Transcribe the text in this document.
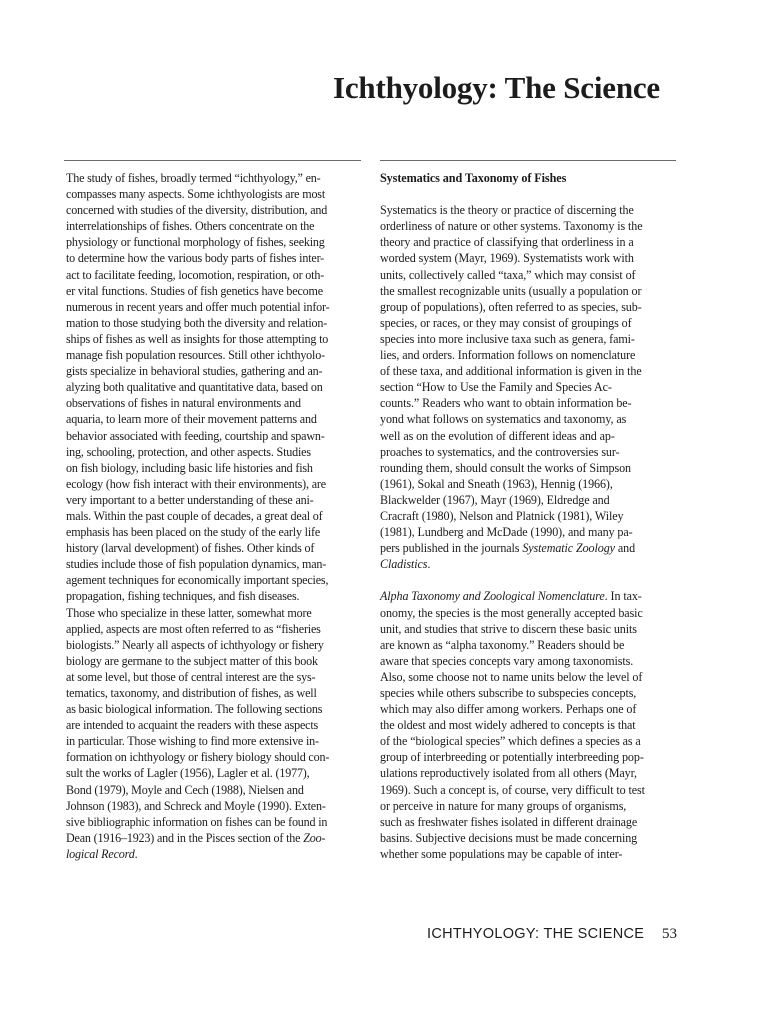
Ichthyology: The Science
The study of fishes, broadly termed “ichthyology,” en-
compasses many aspects. Some ichthyologists are most
concerned with studies of the diversity, distribution, and
interrelationships of fishes. Others concentrate on the
physiology or functional morphology of fishes, seeking
to determine how the various body parts of fishes inter-
act to facilitate feeding, locomotion, respiration, or oth-
er vital functions. Studies of fish genetics have become
numerous in recent years and offer much potential infor-
mation to those studying both the diversity and relation-
ships of fishes as well as insights for those attempting to
manage fish population resources. Still other ichthyolo-
gists specialize in behavioral studies, gathering and an-
alyzing both qualitative and quantitative data, based on
observations of fishes in natural environments and
aquaria, to learn more of their movement patterns and
behavior associated with feeding, courtship and spawn-
ing, schooling, protection, and other aspects. Studies
on fish biology, including basic life histories and fish
ecology (how fish interact with their environments), are
very important to a better understanding of these ani-
mals. Within the past couple of decades, a great deal of
emphasis has been placed on the study of the early life
history (larval development) of fishes. Other kinds of
studies include those of fish population dynamics, man-
agement techniques for economically important species,
propagation, fishing techniques, and fish diseases.
Those who specialize in these latter, somewhat more
applied, aspects are most often referred to as “fisheries
biologists.” Nearly all aspects of ichthyology or fishery
biology are germane to the subject matter of this book
at some level, but those of central interest are the sys-
tematics, taxonomy, and distribution of fishes, as well
as basic biological information. The following sections
are intended to acquaint the readers with these aspects
in particular. Those wishing to find more extensive in-
formation on ichthyology or fishery biology should con-
sult the works of Lagler (1956), Lagler et al. (1977),
Bond (1979), Moyle and Cech (1988), Nielsen and
Johnson (1983), and Schreck and Moyle (1990). Exten-
sive bibliographic information on fishes can be found in
Dean (1916–1923) and in the Pisces section of the Zoo-
logical Record.
Systematics and Taxonomy of Fishes
Systematics is the theory or practice of discerning the
orderliness of nature or other systems. Taxonomy is the
theory and practice of classifying that orderliness in a
worded system (Mayr, 1969). Systematists work with
units, collectively called “taxa,” which may consist of
the smallest recognizable units (usually a population or
group of populations), often referred to as species, sub-
species, or races, or they may consist of groupings of
species into more inclusive taxa such as genera, fami-
lies, and orders. Information follows on nomenclature
of these taxa, and additional information is given in the
section “How to Use the Family and Species Ac-
counts.” Readers who want to obtain information be-
yond what follows on systematics and taxonomy, as
well as on the evolution of different ideas and ap-
proaches to systematics, and the controversies sur-
rounding them, should consult the works of Simpson
(1961), Sokal and Sneath (1963), Hennig (1966),
Blackwelder (1967), Mayr (1969), Eldredge and
Cracraft (1980), Nelson and Platnick (1981), Wiley
(1981), Lundberg and McDade (1990), and many pa-
pers published in the journals Systematic Zoology and
Cladistics.
Alpha Taxonomy and Zoological Nomenclature. In tax-
onomy, the species is the most generally accepted basic
unit, and studies that strive to discern these basic units
are known as “alpha taxonomy.” Readers should be
aware that species concepts vary among taxonomists.
Also, some choose not to name units below the level of
species while others subscribe to subspecies concepts,
which may also differ among workers. Perhaps one of
the oldest and most widely adhered to concepts is that
of the “biological species” which defines a species as a
group of interbreeding or potentially interbreeding pop-
ulations reproductively isolated from all others (Mayr,
1969). Such a concept is, of course, very difficult to test
or perceive in nature for many groups of organisms,
such as freshwater fishes isolated in different drainage
basins. Subjective decisions must be made concerning
whether some populations may be capable of inter-
ICHTHYOLOGY: THE SCIENCE 53
